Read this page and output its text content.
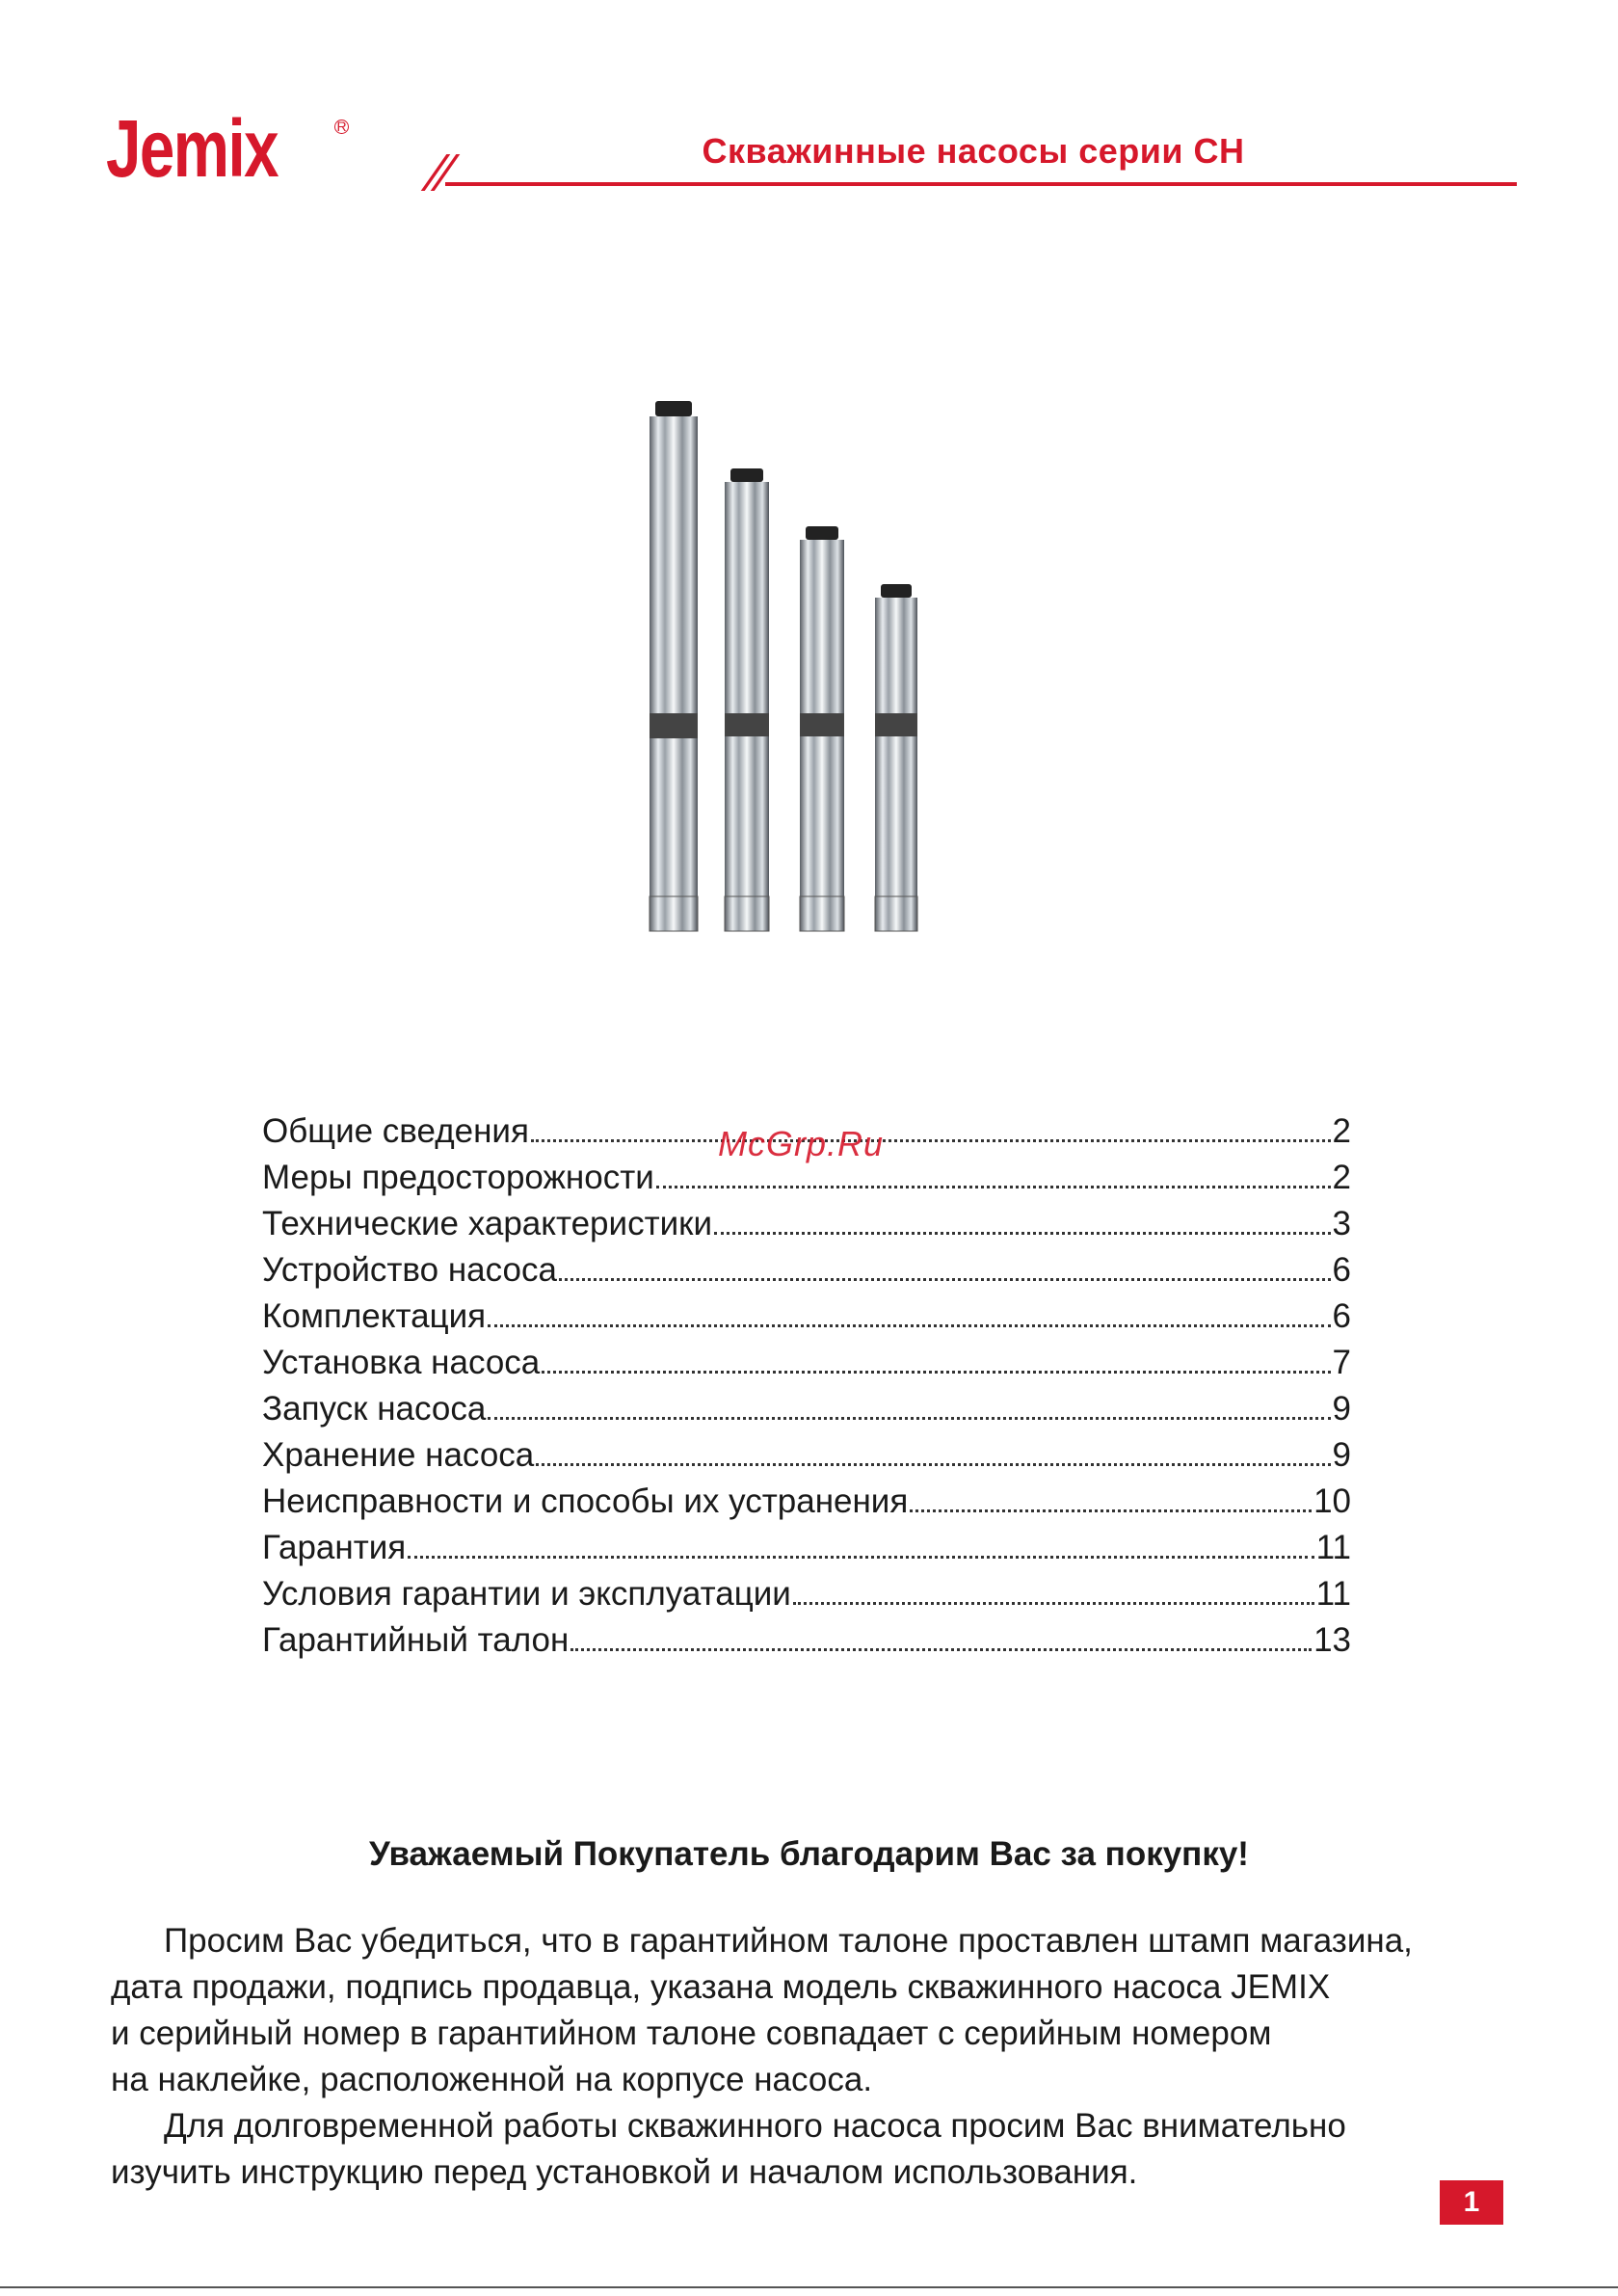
Jemix	R
Скважинные насосы серии СН
Общие сведения	2
Меры предосторожности	2
Технические характеристики	3
Устройство насоса	6
Комплектация	6
Установка насоса	7
Запуск насоса	9
Хранение насоса	9
Неисправности и способы их устранения	10
Гарантия	11
Условия гарантии и эксплуатации	11
Гарантийный талон	13
McGrp.Ru
Уважаемый Покупатель благодарим Вас за покупку!

Просим Вас убедиться, что в гарантийном талоне проставлен штамп магазина,
дата продажи, подпись продавца, указана модель скважинного насоса JEMIX
и серийный номер в гарантийном талоне совпадает с серийным номером
на наклейке, расположенной на корпусе насоса.

Для долговременной работы скважинного насоса просим Вас внимательно
изучить инструкцию перед установкой и началом использования.

1
